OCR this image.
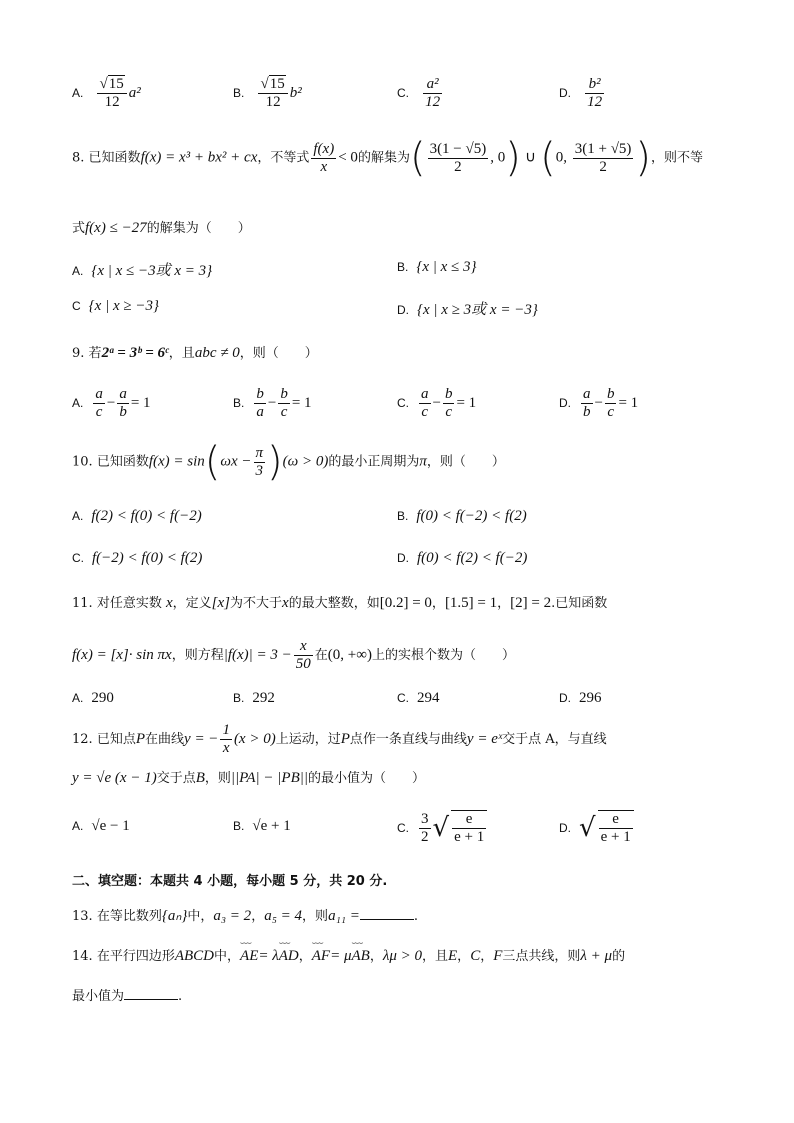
A. $\frac{√15}{12} a^2$	B. $\frac{√15}{12} b^2$	C. $\frac{\text{a²}}{12}$	D. $\frac{\text{b²}}{12}$
8. 已知函数f(x) = x³ + bx² + cx，不等式 $\frac{f(x)}{x} < 0$的解集为( $\frac{3(1 - √5)}{2}$ , 0) ∪ (0, $\frac{3(1 + √5)}{2}$ )，则不等
式f(x) ≤ −27的解集为（　　）
A. {x | x ≤ −3或 x = 3}	B. {x | x ≤ 3}
C {x | x ≥ −3}	D. {x | x ≥ 3或 x = −3}
9. 若2ᵃ = 3ᵇ = 6ᶜ，且abc ≠ 0，则（　　）
A. $\frac{a}{c} - \frac{a}{b} = 1$	B. $\frac{b}{a} - \frac{b}{c} = 1$	C. $\frac{a}{c} - \frac{b}{c} = 1$	D. $\frac{a}{b} - \frac{b}{c} = 1$
10. 已知函数$f(x) = \sin(\omega x - \frac{\pi}{3} )(\omega > 0)$的最小正周期为π，则（　　）
A. f(2) < f(0) < f(−2)	B. f(0) < f(−2) < f(2)
C. f(−2) < f(0) < f(2)	D. f(0) < f(2) < f(−2)
11. 对任意实数 x，定义[x]为不大于x的最大整数，如[0.2] = 0，[1.5] = 1，[2] = 2.已知函数
f(x) = [x]· sin πx，则方程$|f(x)| = 3 - \frac{x}{50}$ 在(0, +∞)上的实根个数为（　　）
A. 290	B. 292	C. 294	D. 296
12. 已知点P在曲线y = − $\frac{1}{x} (x > 0)$上运动，过P点作一条直线与曲线y = eˣ交于点 A，与直线
y = √e (x − 1)交于点B，则||PA| − |PB||的最小值为（　　）
A. √e − 1	B. √e + 1	C. $\frac{3}{2}$ √ $\frac{e}{e + 1}$	D. √ $\frac{e}{e + 1}$
二、填空题：本题共 4 小题，每小题 5 分，共 20 分.
13. 在等比数列{aₙ}中，a₃ = 2，a₅ = 4，则a₁₁ =	.
14. 在平行四边形ABCD中，⌣⌣⌣ AE= λ⌣⌣⌣ AD，⌣⌣⌣ AF= μ⌣⌣⌣ AB，λμ > 0，且E，C，F三点共线，则λ + μ的
最小值为	.
